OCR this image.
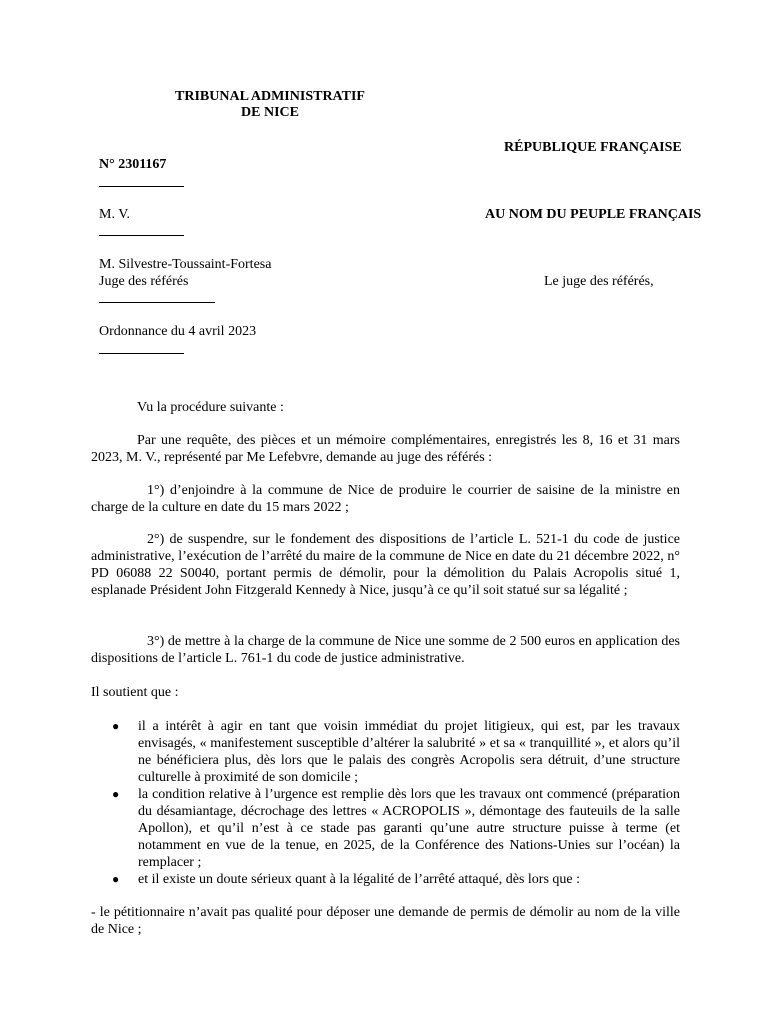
TRIBUNAL ADMINISTRATIF
DE NICE
N° 2301167
M. V.
M. Silvestre-Toussaint-Fortesa
Juge des référés
Ordonnance du 4 avril 2023
RÉPUBLIQUE FRANÇAISE
AU NOM DU PEUPLE FRANÇAIS
Le juge des référés,
Vu la procédure suivante :
Par une requête, des pièces et un mémoire complémentaires, enregistrés les 8, 16 et 31 mars 2023, M. V., représenté par Me Lefebvre, demande au juge des référés :
1°) d’enjoindre à la commune de Nice de produire le courrier de saisine de la ministre en charge de la culture en date du 15 mars 2022 ;
2°) de suspendre, sur le fondement des dispositions de l’article L. 521-1 du code de justice administrative, l’exécution de l’arrêté du maire de la commune de Nice en date du 21 décembre 2022, n° PD 06088 22 S0040, portant permis de démolir, pour la démolition du Palais Acropolis situé 1, esplanade Président John Fitzgerald Kennedy à Nice, jusqu’à ce qu’il soit statué sur sa légalité ;
3°) de mettre à la charge de la commune de Nice une somme de 2 500 euros en application des dispositions de l’article L. 761-1 du code de justice administrative.
Il soutient que :
● il a intérêt à agir en tant que voisin immédiat du projet litigieux, qui est, par les travaux envisagés, « manifestement susceptible d’altérer la salubrité » et sa « tranquillité », et alors qu’il ne bénéficiera plus, dès lors que le palais des congrès Acropolis sera détruit, d’une structure culturelle à proximité de son domicile ;
● la condition relative à l’urgence est remplie dès lors que les travaux ont commencé (préparation du désamiantage, décrochage des lettres « ACROPOLIS », démontage des fauteuils de la salle Apollon), et qu’il n’est à ce stade pas garanti qu’une autre structure puisse à terme (et notamment en vue de la tenue, en 2025, de la Conférence des Nations-Unies sur l’océan) la remplacer ;
● et il existe un doute sérieux quant à la légalité de l’arrêté attaqué, dès lors que :
- le pétitionnaire n’avait pas qualité pour déposer une demande de permis de démolir au nom de la ville de Nice ;
